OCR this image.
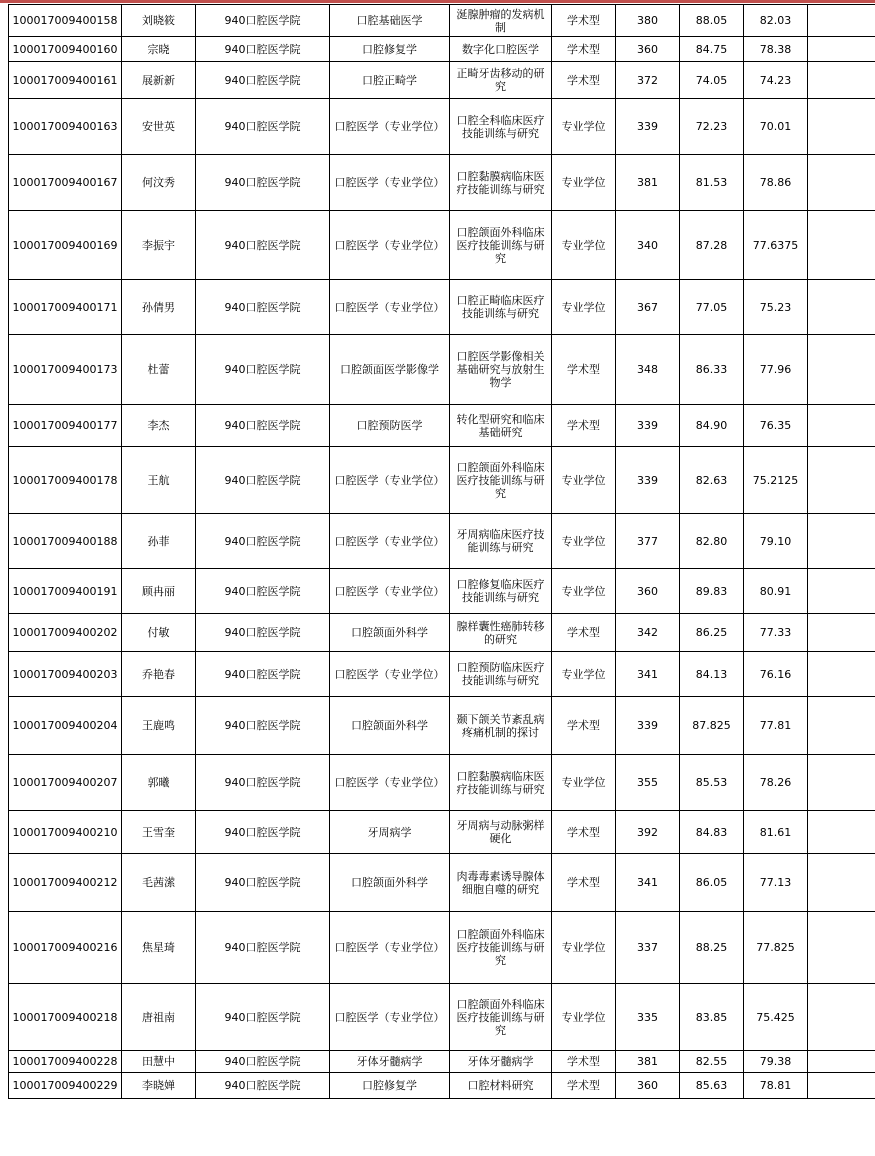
100017009400158	刘晓筱	940口腔医学院	口腔基础医学	涎腺肿瘤的发病机制	学术型	380	88.05	82.03	
100017009400160	宗晓	940口腔医学院	口腔修复学	数字化口腔医学	学术型	360	84.75	78.38	
100017009400161	展新新	940口腔医学院	口腔正畸学	正畸牙齿移动的研究	学术型	372	74.05	74.23	
100017009400163	安世英	940口腔医学院	口腔医学（专业学位）	口腔全科临床医疗技能训练与研究	专业学位	339	72.23	70.01	
100017009400167	何汶秀	940口腔医学院	口腔医学（专业学位）	口腔黏膜病临床医疗技能训练与研究	专业学位	381	81.53	78.86	
100017009400169	李振宇	940口腔医学院	口腔医学（专业学位）	口腔颌面外科临床医疗技能训练与研究	专业学位	340	87.28	77.6375	
100017009400171	孙倩男	940口腔医学院	口腔医学（专业学位）	口腔正畸临床医疗技能训练与研究	专业学位	367	77.05	75.23	
100017009400173	杜蕾	940口腔医学院	口腔颌面医学影像学	口腔医学影像相关基础研究与放射生物学	学术型	348	86.33	77.96	
100017009400177	李杰	940口腔医学院	口腔预防医学	转化型研究和临床基础研究	学术型	339	84.90	76.35	
100017009400178	王航	940口腔医学院	口腔医学（专业学位）	口腔颌面外科临床医疗技能训练与研究	专业学位	339	82.63	75.2125	
100017009400188	孙菲	940口腔医学院	口腔医学（专业学位）	牙周病临床医疗技能训练与研究	专业学位	377	82.80	79.10	
100017009400191	顾冉丽	940口腔医学院	口腔医学（专业学位）	口腔修复临床医疗技能训练与研究	专业学位	360	89.83	80.91	
100017009400202	付敏	940口腔医学院	口腔颌面外科学	腺样囊性癌肺转移的研究	学术型	342	86.25	77.33	
100017009400203	乔艳春	940口腔医学院	口腔医学（专业学位）	口腔预防临床医疗技能训练与研究	专业学位	341	84.13	76.16	
100017009400204	王鹿鸣	940口腔医学院	口腔颌面外科学	颞下颌关节紊乱病疼痛机制的探讨	学术型	339	87.825	77.81	
100017009400207	郭曦	940口腔医学院	口腔医学（专业学位）	口腔黏膜病临床医疗技能训练与研究	专业学位	355	85.53	78.26	
100017009400210	王雪奎	940口腔医学院	牙周病学	牙周病与动脉粥样硬化	学术型	392	84.83	81.61	
100017009400212	毛茜潆	940口腔医学院	口腔颌面外科学	肉毒毒素诱导腺体细胞自噬的研究	学术型	341	86.05	77.13	
100017009400216	焦星琦	940口腔医学院	口腔医学（专业学位）	口腔颌面外科临床医疗技能训练与研究	专业学位	337	88.25	77.825	
100017009400218	唐祖南	940口腔医学院	口腔医学（专业学位）	口腔颌面外科临床医疗技能训练与研究	专业学位	335	83.85	75.425	
100017009400228	田慧中	940口腔医学院	牙体牙髓病学	牙体牙髓病学	学术型	381	82.55	79.38	
100017009400229	李晓婵	940口腔医学院	口腔修复学	口腔材料研究	学术型	360	85.63	78.81	
